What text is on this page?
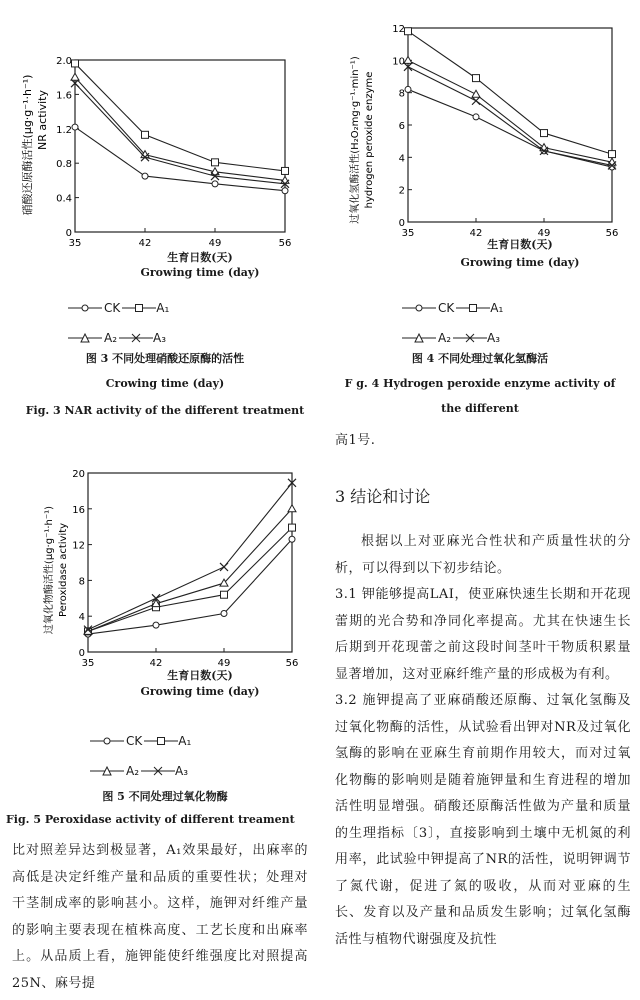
硝酸还原酶活性(μg·g⁻¹·h⁻¹) NR activity
0
0.4
0.8
1.2
1.6
2.0
35	42	49	56
生育日数(天)
Growing time (day)
CK	A₁
A₂	A₃
图 3 不同处理硝酸还原酶的活性
Crowing time (day)
Fig. 3 NAR activity of the different treatment
过氧化氢酶活性(H₂O₂mg·g⁻¹·min⁻¹) hydrogen peroxide enzyme
0
2
4
6
8
10
12
35	42	49	56
生育日数(天)
Growing time (day)
CK	A₁
A₂	A₃
图 4 不同处理过氧化氢酶活
F g. 4 Hydrogen peroxide enzyme activity of
the different
过氧化物酶活性(μg·g⁻¹·h⁻¹) Peroxidase activity
0
4
8
12
16
20
35	42	49	56
生育日数(天)
Growing time (day)
CK	A₁
A₂	A₃
图 5 不同处理过氧化物酶
Fig. 5 Peroxidase activity of different treament
高1号.
3 结论和讨论

根据以上对亚麻光合性状和产质量性状的分析，可以得到以下初步结论。

3.1 钾能够提高LAI，使亚麻快速生长期和开花现蕾期的光合势和净同化率提高。尤其在快速生长后期到开花现蕾之前这段时间茎叶干物质积累量显著增加，这对亚麻纤维产量的形成极为有利。

3.2 施钾提高了亚麻硝酸还原酶、过氧化氢酶及过氧化物酶的活性，从试验看出钾对NR及过氧化氢酶的影响在亚麻生育前期作用较大，而对过氧化物酶的影响则是随着施钾量和生育进程的增加活性明显增强。硝酸还原酶活性做为产量和质量的生理指标〔3〕，直接影响到土壤中无机氮的利用率，此试验中钾提高了NR的活性，说明钾调节了氮代谢，促进了氮的吸收，从而对亚麻的生长、发育以及产量和品质发生影响；过氧化氢酶活性与植物代谢强度及抗性

比对照差异达到极显著，A₁效果最好，出麻率的高低是决定纤维产量和品质的重要性状；处理对干茎制成率的影响甚小。这样，施钾对纤维产量的影响主要表现在植株高度、工艺长度和出麻率上。从品质上看，施钾能使纤维强度比对照提高25N、麻号提
